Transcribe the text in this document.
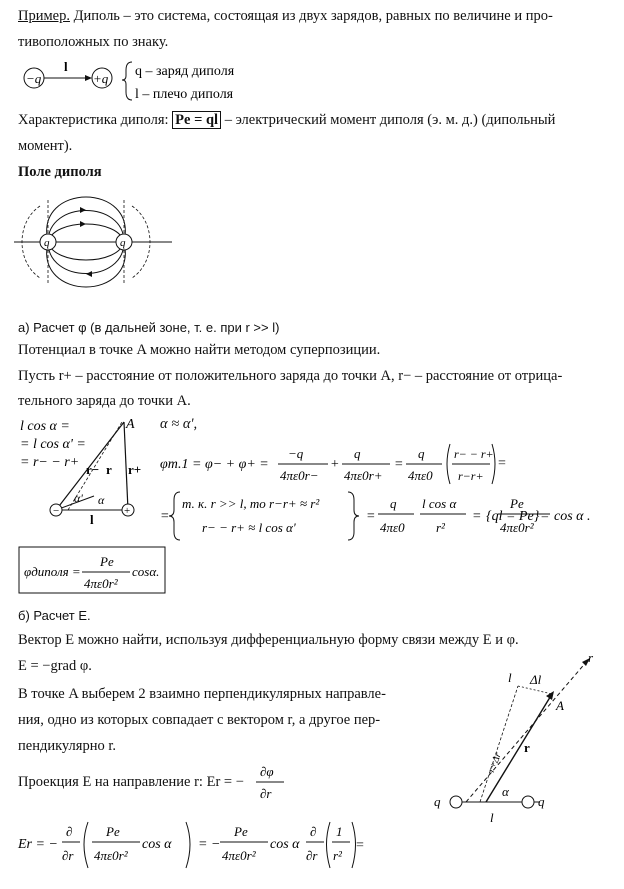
Пример. Диполь – это система, состоящая из двух зарядов, равных по величине и про-
тивоположных по знаку.
−q	+q
l	q – заряд диполя
l – плечо диполя
Характеристика диполя: Pe = ql – электрический момент диполя (э. м. д.) (дипольный
момент).
Поле диполя
q	q
а) Расчет φ (в дальней зоне, т. е. при r >> l)
Потенциал в точке A можно найти методом суперпозиции.
Пусть r+ – расстояние от положительного заряда до точки A, r− – расстояние от отрица-
тельного заряда до точки A.
l cos α =
= l cos α' =
= r− − r+
−	+
A
α' α
r− r r+
l
α ≈ α',
φт.1 = φ− + φ+ =
−q
4πε0r−
+
q
4πε0r+
=
q
4πε0
r− − r+
r−r+
=
=
т. к. r >> l, то r−r+ ≈ r²
r− − r+ ≈ l cos α'
=
q
4πε0
l cos α
r²
= {ql = Pe} =
Pe
4πε0r²
cos α .
φдиполя =
Pe
4πε0r²
cosα.
б) Расчет E.
Вектор E можно найти, используя дифференциальную форму связи между E и φ.
E = −grad φ.
В точке A выберем 2 взаимно перпендикулярных направле-
ния, одно из которых совпадает с вектором r, а другое пер-
пендикулярно r.
Проекция E на направление r: Er = −
∂φ
∂r
Er = −
∂
∂r
Pe
4πε0r²
cos α = −
Pe
4πε0r²
cos α
∂
∂r
1
r²
=
r
l Δl
A
r
r+Δr
q	q
α
l
